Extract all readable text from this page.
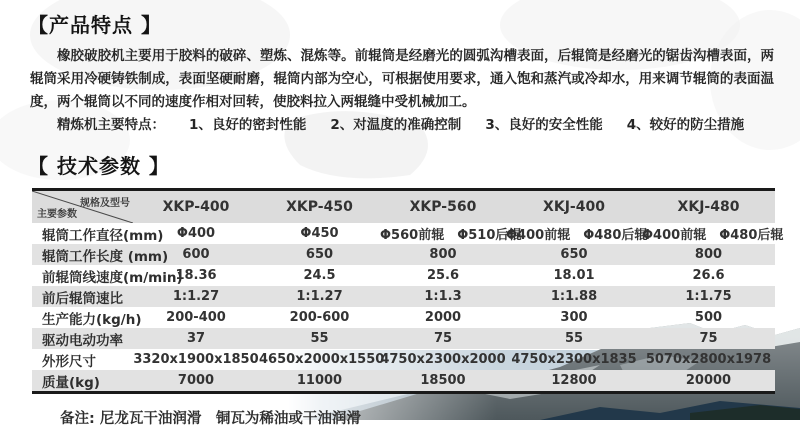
【产品特点 】

橡胶破胶机主要用于胶料的破碎、塑炼、混炼等。前辊筒是经磨光的圆弧沟槽表面，后辊筒是经磨光的锯齿沟槽表面，两辊筒采用冷硬铸铁制成，表面坚硬耐磨，辊筒内部为空心，可根据使用要求，通入饱和蒸汽或冷却水，用来调节辊筒的表面温度，两个辊筒以不同的速度作相对回转，使胶料拉入两辊缝中受机械加工。

精炼机主要特点： 1、良好的密封性能 2、对温度的准确控制 3、良好的安全性能 4、较好的防尘措施
【 技术参数 】
规格及型号
主要参数	XKP-400	XKP-450	XKP-560	XKJ-400	XKJ-480
辊筒工作直径(mm)	Φ400	Φ450	Φ560前辊　Φ510后辊	Φ400前辊　Φ480后辊	Φ400前辊　Φ480后辊
辊筒工作长度 (mm)	600	650	800	650	800
前辊筒线速度(m/min)	18.36	24.5	25.6	18.01	26.6
前后辊筒速比	1:1.27	1:1.27	1:1.3	1:1.88	1:1.75
生产能力(kg/h)	200-400	200-600	2000	300	500
驱动电动功率	37	55	75	55	75
外形尺寸	3320x1900x1850	4650x2000x1550	4750x2300x2000	4750x2300x1835	5070x2800x1978
质量(kg)	7000	11000	18500	12800	20000
备注: 尼龙瓦干油润滑　铜瓦为稀油或干油润滑
